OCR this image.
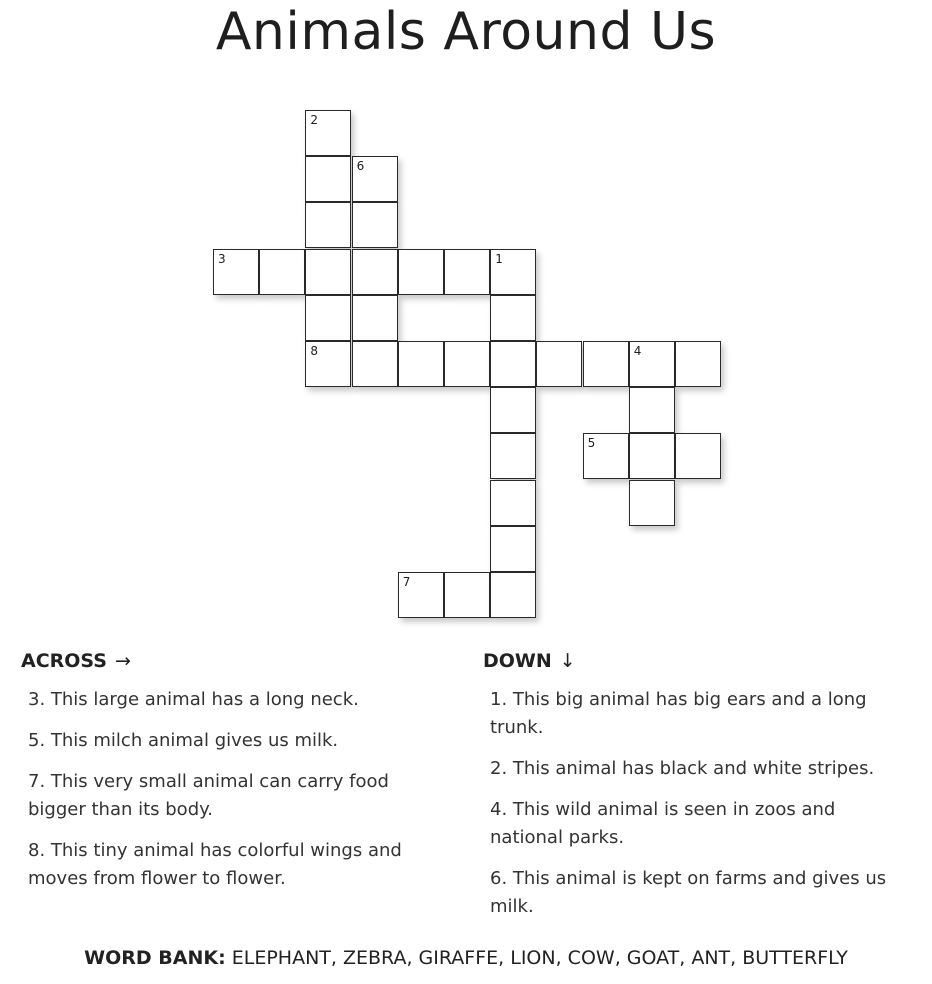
Animals Around Us
2
6
3	1
8	4
5
7
ACROSS →
3. This large animal has a long neck.
5. This milch animal gives us milk.
7. This very small animal can carry food bigger than its body.
8. This tiny animal has colorful wings and moves from flower to flower.
DOWN ↓
1. This big animal has big ears and a long trunk.
2. This animal has black and white stripes.
4. This wild animal is seen in zoos and national parks.
6. This animal is kept on farms and gives us milk.
WORD BANK: ELEPHANT, ZEBRA, GIRAFFE, LION, COW, GOAT, ANT, BUTTERFLY
